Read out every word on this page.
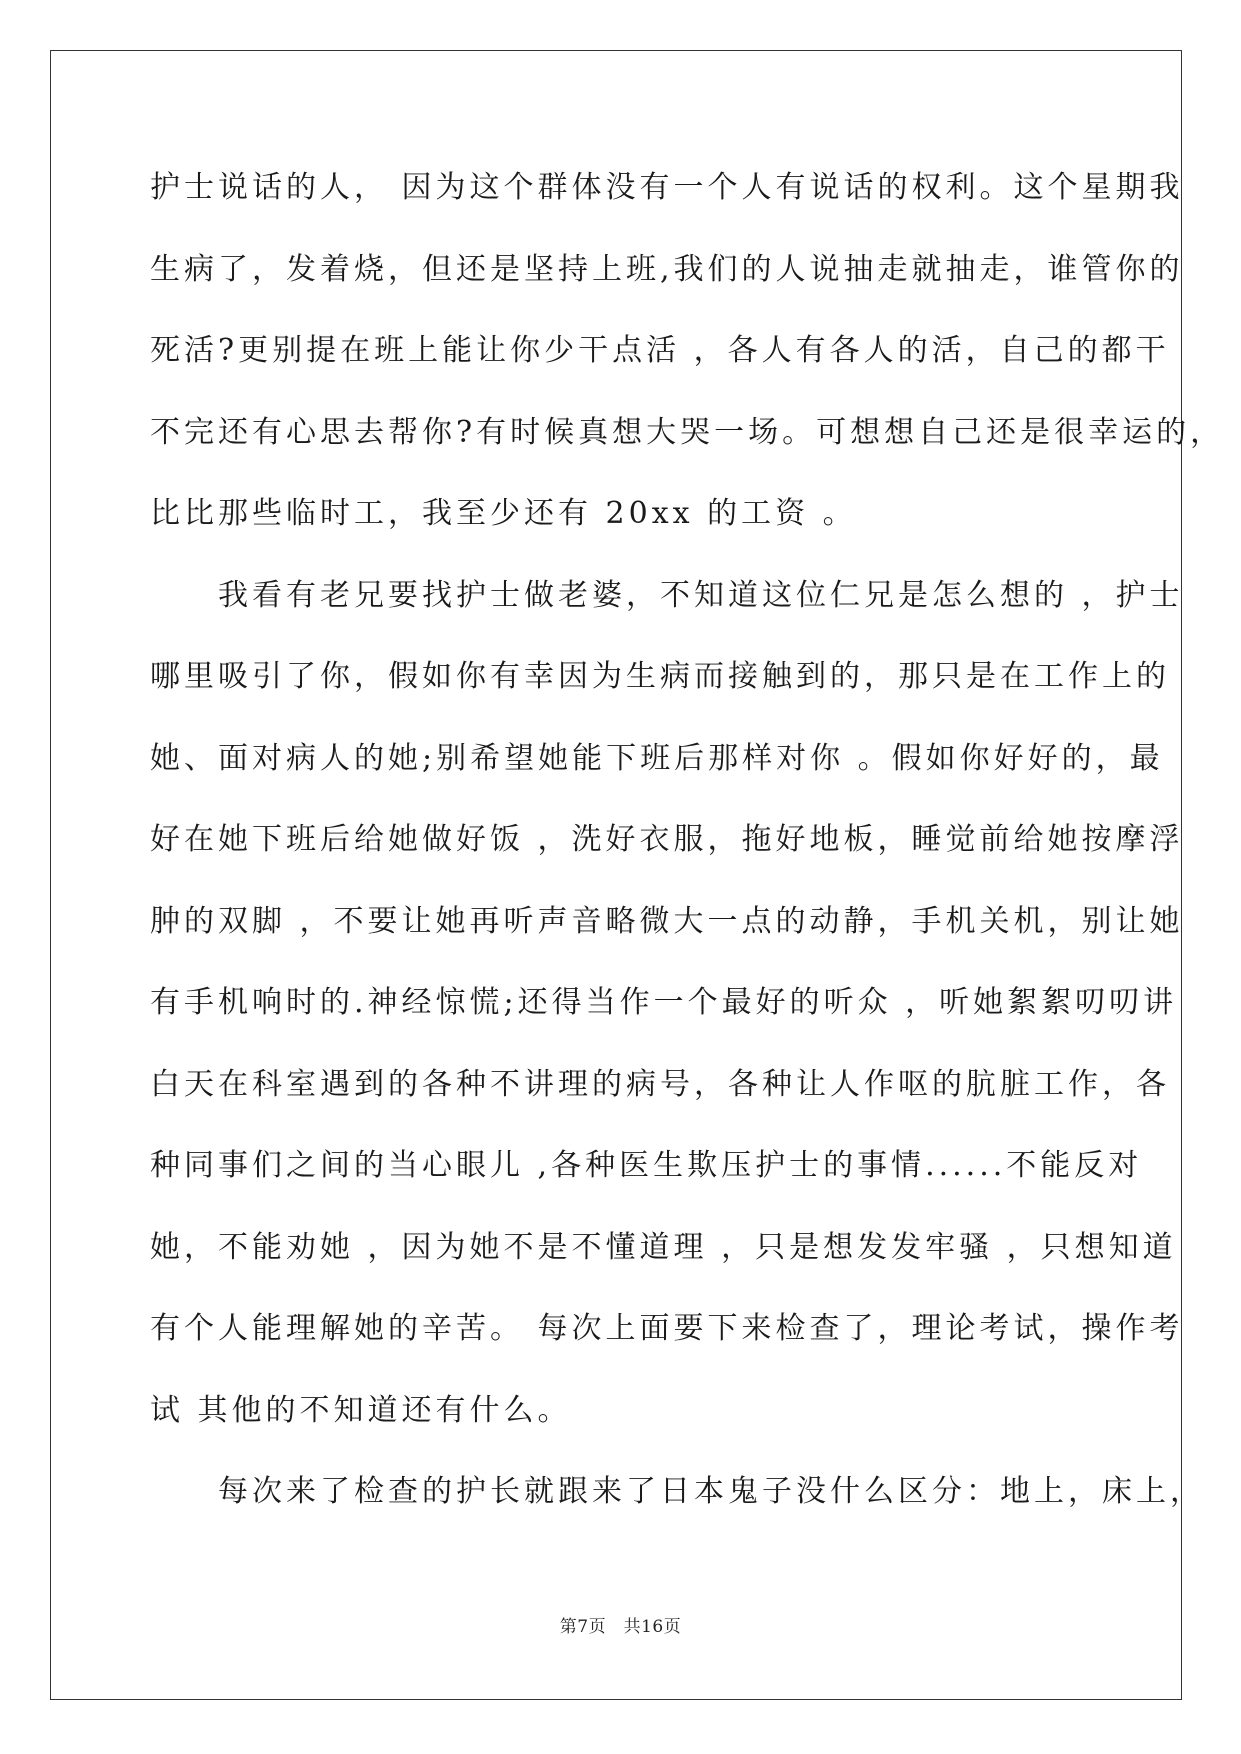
护士说话的人， 因为这个群体没有一个人有说话的权利。这个星期我
生病了，发着烧，但还是坚持上班,我们的人说抽走就抽走，谁管你的
死活?更别提在班上能让你少干点活 ，各人有各人的活，自己的都干
不完还有心思去帮你?有时候真想大哭一场。可想想自己还是很幸运的，
比比那些临时工，我至少还有 20xx 的工资 。
　　我看有老兄要找护士做老婆，不知道这位仁兄是怎么想的 ，护士
哪里吸引了你，假如你有幸因为生病而接触到的，那只是在工作上的
她、面对病人的她;别希望她能下班后那样对你 。假如你好好的，最
好在她下班后给她做好饭 ，洗好衣服，拖好地板，睡觉前给她按摩浮
肿的双脚 ，不要让她再听声音略微大一点的动静，手机关机，别让她
有手机响时的.神经惊慌;还得当作一个最好的听众 ，听她絮絮叨叨讲
白天在科室遇到的各种不讲理的病号，各种让人作呕的肮脏工作，各
种同事们之间的当心眼儿 ,各种医生欺压护士的事情......不能反对
她，不能劝她 ，因为她不是不懂道理 ，只是想发发牢骚 ，只想知道
有个人能理解她的辛苦。 每次上面要下来检查了，理论考试，操作考
试 其他的不知道还有什么。
　　每次来了检查的护长就跟来了日本鬼子没什么区分：地上，床上，
第7页　共16页
